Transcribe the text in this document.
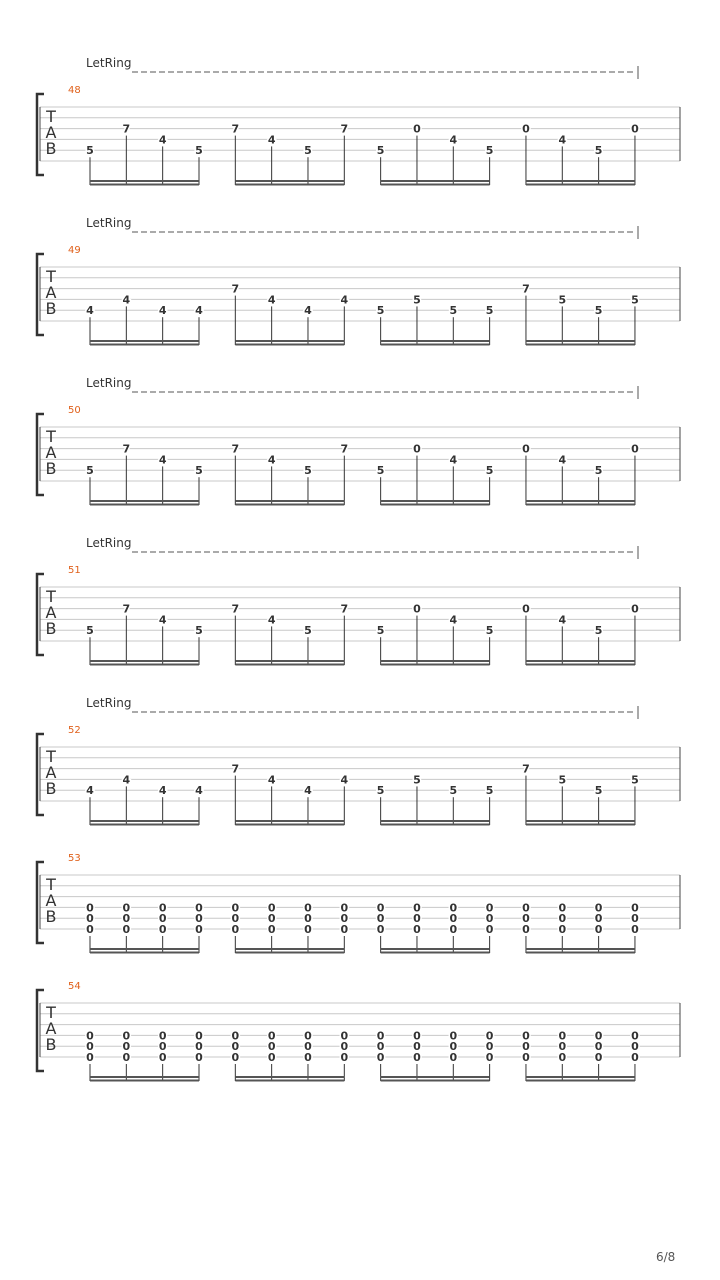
LetRing
48
T
A
B	5
7
4
5
7
4
5
7
5
0
4
5
0
4
5
0
LetRing
49
T
A
B	4
4
4	4
7
4
4
4
5
5
5	5
7
5
5
5
LetRing
50
T
A
B	5
7
4
5
7
4
5
7
5
0
4
5
0
4
5
0
LetRing
51
T
A
B	5
7
4
5
7
4
5
7
5
0
4
5
0
4
5
0
LetRing
52
T
A
B	4
4
4	4
7
4
4
4
5
5
5	5
7
5
5
5
53
T
A
B	0
0
0
0
0
0
0
0
0
0
0
0
0
0
0
0
0
0
0
0
0
0
0
0
0
0
0
0
0
0
0
0
0
0
0
0
0
0
0
0
0
0
0
0
0
0
0
0
54
T
A
B	0
0
0
0
0
0
0
0
0
0
0
0
0
0
0
0
0
0
0
0
0
0
0
0
0
0
0
0
0
0
0
0
0
0
0
0
0
0
0
0
0
0
0
0
0
0
0
0
6/8
